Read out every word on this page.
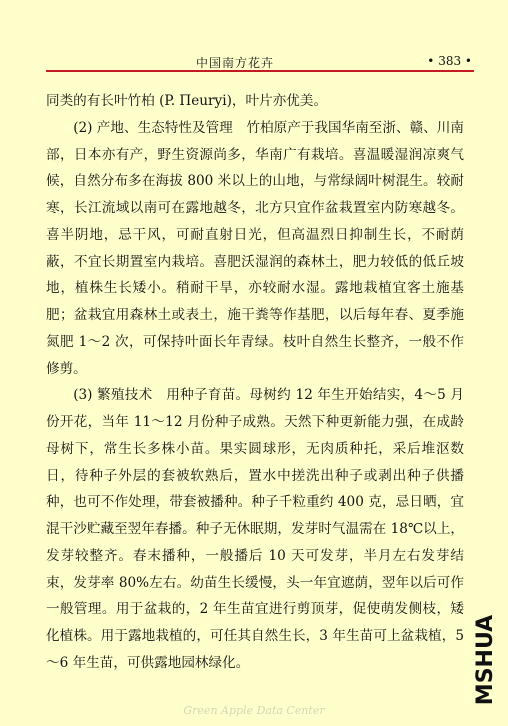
中国南方花卉	• 383 •

同类的有长叶竹柏 (P. Πeuryi)，叶片亦优美。

(2) 产地、生态特性及管理　竹柏原产于我国华南至浙、赣、川南部，日本亦有产，野生资源尚多，华南广有栽培。喜温暖湿润凉爽气候，自然分布多在海拔 800 米以上的山地，与常绿阔叶树混生。较耐寒，长江流域以南可在露地越冬，北方只宜作盆栽置室内防寒越冬。喜半阴地，忌干风，可耐直射日光，但高温烈日抑制生长，不耐荫蔽，不宜长期置室内栽培。喜肥沃湿润的森林土，肥力较低的低丘坡地，植株生长矮小。稍耐干旱，亦较耐水湿。露地栽植宜客土施基肥；盆栽宜用森林土或表土，施干粪等作基肥，以后每年春、夏季施氮肥 1～2 次，可保持叶面长年青绿。枝叶自然生长整齐，一般不作修剪。

(3) 繁殖技术　用种子育苗。母树约 12 年生开始结实，4～5 月份开花，当年 11～12 月份种子成熟。天然下种更新能力强，在成龄母树下，常生长多株小苗。果实圆球形，无肉质种托，采后堆沤数日，待种子外层的套被软熟后，置水中搓洗出种子或剥出种子供播种，也可不作处理，带套被播种。种子千粒重约 400 克，忌日晒，宜混干沙贮藏至翌年春播。种子无休眠期，发芽时气温需在 18℃以上，发芽较整齐。春末播种，一般播后 10 天可发芽，半月左右发芽结束，发芽率 80%左右。幼苗生长缓慢，头一年宜遮荫，翌年以后可作一般管理。用于盆栽的，2 年生苗宜进行剪顶芽，促使萌发侧枝，矮化植株。用于露地栽植的，可任其自然生长，3 年生苗可上盆栽植，5～6 年生苗，可供露地园林绿化。	MSHUA
Green Apple Data Center
